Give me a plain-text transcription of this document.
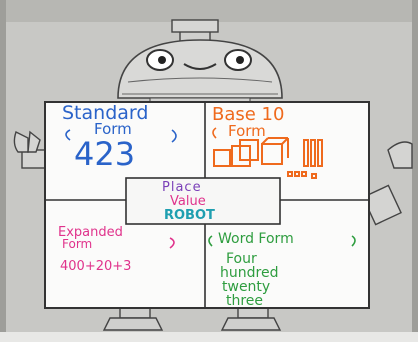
Standard
Form
423
Base 10
Form
Place
Value
ROBOT
Expanded
Form
400+20+3
Word Form
Four
hundred
twenty
three
